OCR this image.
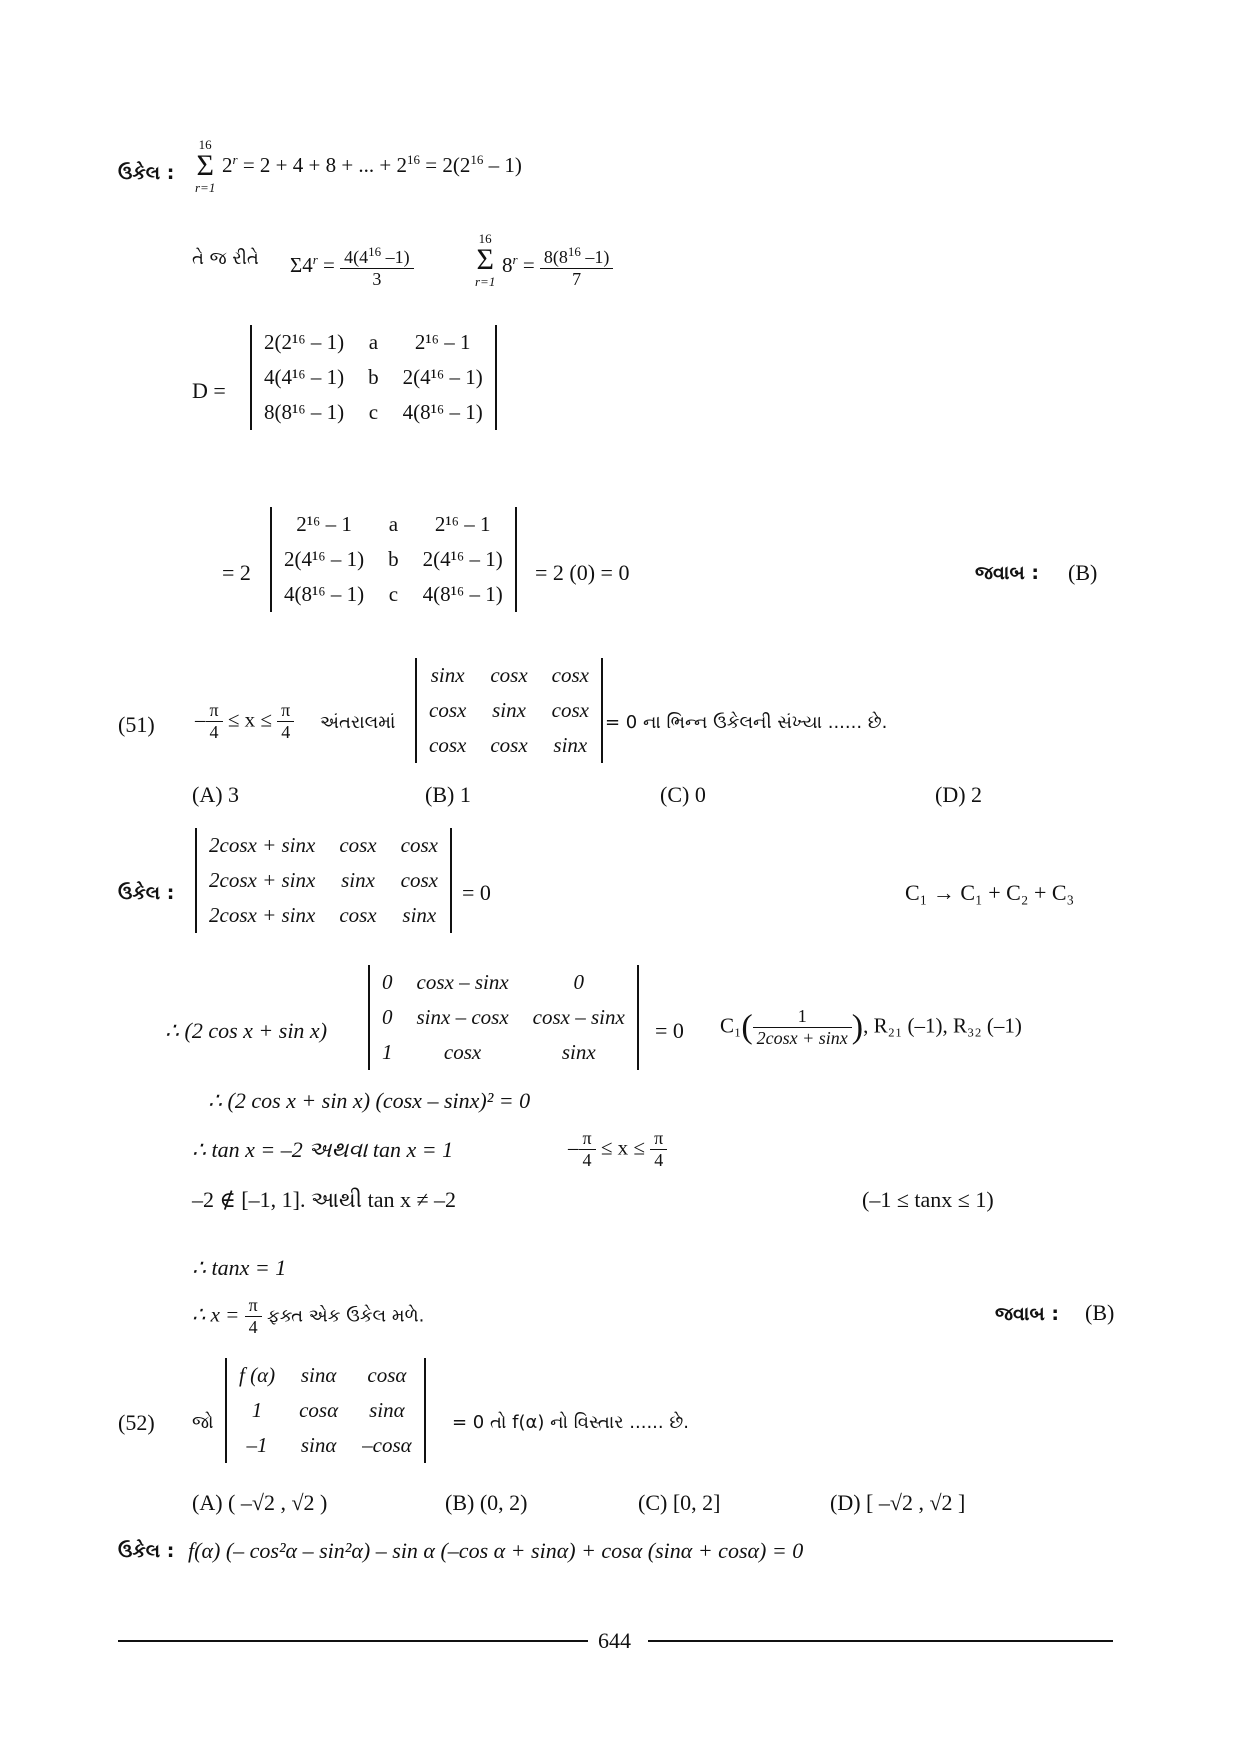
ઉકેલ :
16
Σ
r=1
$2^r = 2 + 4 + 8$ + ... + $2^{16} = 2(2^{16} - 1)$
તે જ રીતે $\Sigma 4^r = \frac{4(4^{16} -1)}{3}$
16
Σ
r=1
$8^r = \frac{8(8^{16} -1)}{7}$
D =
2(2¹⁶ – 1)	a	2¹⁶ – 1
4(4¹⁶ – 1)	b	2(4¹⁶ – 1)
8(8¹⁶ – 1)	c	4(8¹⁶ – 1)
= 2
2¹⁶ – 1	a	2¹⁶ – 1
2(4¹⁶ – 1)	b	2(4¹⁶ – 1)
4(8¹⁶ – 1)	c	4(8¹⁶ – 1)
= 2 (0) = 0	જવાબ : (B)
$(51) - \frac{\pi}{4} \le x \le \frac{\pi}{4}$ અંતરાલમાં
sinx	cosx	cosx
cosx	sinx	cosx
cosx	cosx	sinx
= 0 ના ભિન્ન ઉકેલની સંખ્યા ...... છે.
(A) 3	(B) 1	(C) 0	(D) 2
ઉકેલ :
2cosx + sinx	cosx	cosx
2cosx + sinx	sinx	cosx
2cosx + sinx	cosx	sinx
= 0	C₁ → C₁ + C₂ + C₃
∴ (2 cos x + sin x)
0	cosx – sinx	0
0	sinx – cosx	cosx – sinx
1	cosx	sinx
= 0 $C_1( \frac{1}{2\cos x + \sin x}$ ), R₂₁ (–1), R₃₂ (–1)
∴ (2 cos x + sin x) (cosx – sinx)² = 0
∴ tan x = –2 અથવા tan x = 1	– $\frac{\pi}{4} \le x \le \frac{\pi}{4}$
–2 ∉ [–1, 1]. આથી tan x ≠ –2	(–1 ≤ tanx ≤ 1)
∴ tanx = 1
∴ $x = \frac{\pi}{4}$ ફક્ત એક ઉકેલ મળે.	જવાબ : (B)
(52) જો
f (α)	sinα	cosα
1	cosα	sinα
–1	sinα	–cosα
= 0 તો f(α) નો વિસ્તાર ...... છે.
(A) ( –√2 , √2 )	(B) (0, 2)	(C) [0, 2]	(D) [ –√2 , √2 ]
ઉકેલ : f(α) (– cos²α – sin²α) – sin α (–cos α + sinα) + cosα (sinα + cosα) = 0
644
